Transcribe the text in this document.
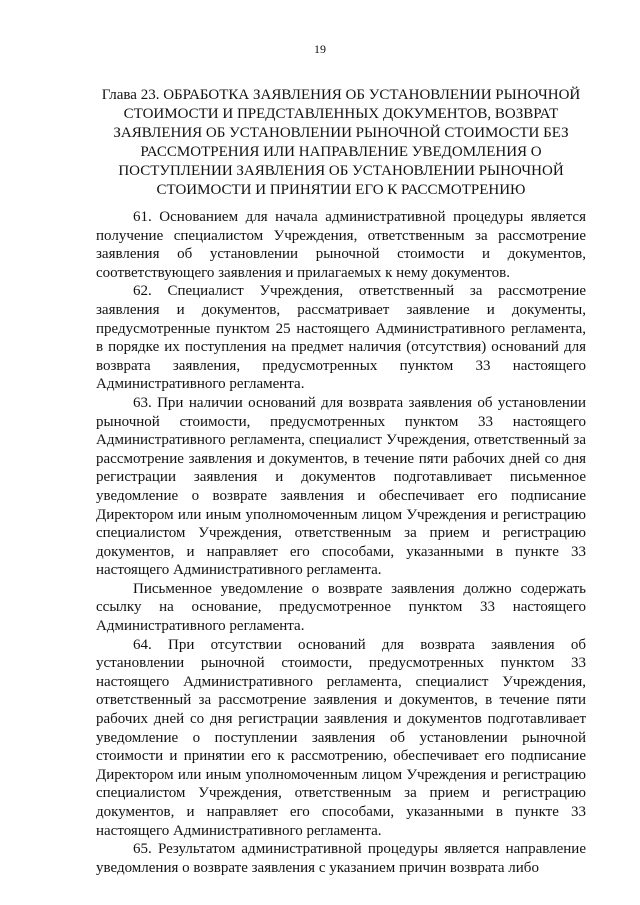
19
Глава 23. ОБРАБОТКА ЗАЯВЛЕНИЯ ОБ УСТАНОВЛЕНИИ РЫНОЧНОЙ СТОИМОСТИ И ПРЕДСТАВЛЕННЫХ ДОКУМЕНТОВ, ВОЗВРАТ ЗАЯВЛЕНИЯ ОБ УСТАНОВЛЕНИИ РЫНОЧНОЙ СТОИМОСТИ БЕЗ РАССМОТРЕНИЯ ИЛИ НАПРАВЛЕНИЕ УВЕДОМЛЕНИЯ О ПОСТУПЛЕНИИ ЗАЯВЛЕНИЯ ОБ УСТАНОВЛЕНИИ РЫНОЧНОЙ СТОИМОСТИ И ПРИНЯТИИ ЕГО К РАССМОТРЕНИЮ

61. Основанием для начала административной процедуры является получение специалистом Учреждения, ответственным за рассмотрение заявления об установлении рыночной стоимости и документов, соответствующего заявления и прилагаемых к нему документов.

62. Специалист Учреждения, ответственный за рассмотрение заявления и документов, рассматривает заявление и документы, предусмотренные пунктом 25 настоящего Административного регламента, в порядке их поступления на предмет наличия (отсутствия) оснований для возврата заявления, предусмотренных пунктом 33 настоящего Административного регламента.

63. При наличии оснований для возврата заявления об установлении рыночной стоимости, предусмотренных пунктом 33 настоящего Административного регламента, специалист Учреждения, ответственный за рассмотрение заявления и документов, в течение пяти рабочих дней со дня регистрации заявления и документов подготавливает письменное уведомление о возврате заявления и обеспечивает его подписание Директором или иным уполномоченным лицом Учреждения и регистрацию специалистом Учреждения, ответственным за прием и регистрацию документов, и направляет его способами, указанными в пункте 33 настоящего Административного регламента.

Письменное уведомление о возврате заявления должно содержать ссылку на основание, предусмотренное пунктом 33 настоящего Административного регламента.

64. При отсутствии оснований для возврата заявления об установлении рыночной стоимости, предусмотренных пунктом 33 настоящего Административного регламента, специалист Учреждения, ответственный за рассмотрение заявления и документов, в течение пяти рабочих дней со дня регистрации заявления и документов подготавливает уведомление о поступлении заявления об установлении рыночной стоимости и принятии его к рассмотрению, обеспечивает его подписание Директором или иным уполномоченным лицом Учреждения и регистрацию специалистом Учреждения, ответственным за прием и регистрацию документов, и направляет его способами, указанными в пункте 33 настоящего Административного регламента.

65. Результатом административной процедуры является направление уведомления о возврате заявления с указанием причин возврата либо
